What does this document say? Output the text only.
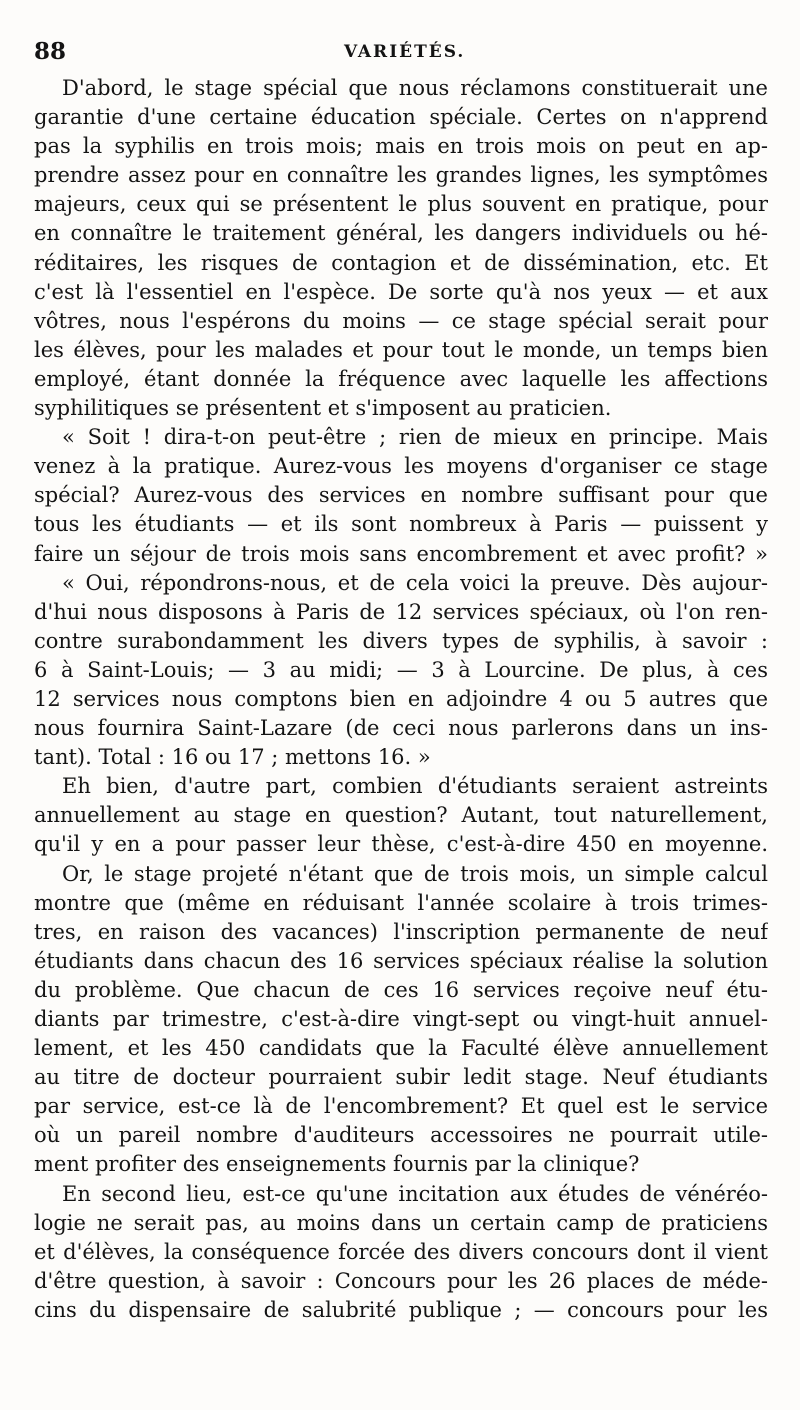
88	VARIÉTÉS.
D'abord, le stage spécial que nous réclamons constituerait une
garantie d'une certaine éducation spéciale. Certes on n'apprend
pas la syphilis en trois mois; mais en trois mois on peut en ap-
prendre assez pour en connaître les grandes lignes, les symptômes
majeurs, ceux qui se présentent le plus souvent en pratique, pour
en connaître le traitement général, les dangers individuels ou hé-
réditaires, les risques de contagion et de dissémination, etc. Et
c'est là l'essentiel en l'espèce. De sorte qu'à nos yeux — et aux
vôtres, nous l'espérons du moins — ce stage spécial serait pour
les élèves, pour les malades et pour tout le monde, un temps bien
employé, étant donnée la fréquence avec laquelle les affections
syphilitiques se présentent et s'imposent au praticien.
« Soit ! dira-t-on peut-être ; rien de mieux en principe. Mais
venez à la pratique. Aurez-vous les moyens d'organiser ce stage
spécial? Aurez-vous des services en nombre suffisant pour que
tous les étudiants — et ils sont nombreux à Paris — puissent y
faire un séjour de trois mois sans encombrement et avec profit? »
« Oui, répondrons-nous, et de cela voici la preuve. Dès aujour-
d'hui nous disposons à Paris de 12 services spéciaux, où l'on ren-
contre surabondamment les divers types de syphilis, à savoir :
6 à Saint-Louis; — 3 au midi; — 3 à Lourcine. De plus, à ces
12 services nous comptons bien en adjoindre 4 ou 5 autres que
nous fournira Saint-Lazare (de ceci nous parlerons dans un ins-
tant). Total : 16 ou 17 ; mettons 16. »
Eh bien, d'autre part, combien d'étudiants seraient astreints
annuellement au stage en question? Autant, tout naturellement,
qu'il y en a pour passer leur thèse, c'est-à-dire 450 en moyenne.
Or, le stage projeté n'étant que de trois mois, un simple calcul
montre que (même en réduisant l'année scolaire à trois trimes-
tres, en raison des vacances) l'inscription permanente de neuf
étudiants dans chacun des 16 services spéciaux réalise la solution
du problème. Que chacun de ces 16 services reçoive neuf étu-
diants par trimestre, c'est-à-dire vingt-sept ou vingt-huit annuel-
lement, et les 450 candidats que la Faculté élève annuellement
au titre de docteur pourraient subir ledit stage. Neuf étudiants
par service, est-ce là de l'encombrement? Et quel est le service
où un pareil nombre d'auditeurs accessoires ne pourrait utile-
ment profiter des enseignements fournis par la clinique?
En second lieu, est-ce qu'une incitation aux études de vénéréo-
logie ne serait pas, au moins dans un certain camp de praticiens
et d'élèves, la conséquence forcée des divers concours dont il vient
d'être question, à savoir : Concours pour les 26 places de méde-
cins du dispensaire de salubrité publique ; — concours pour les
